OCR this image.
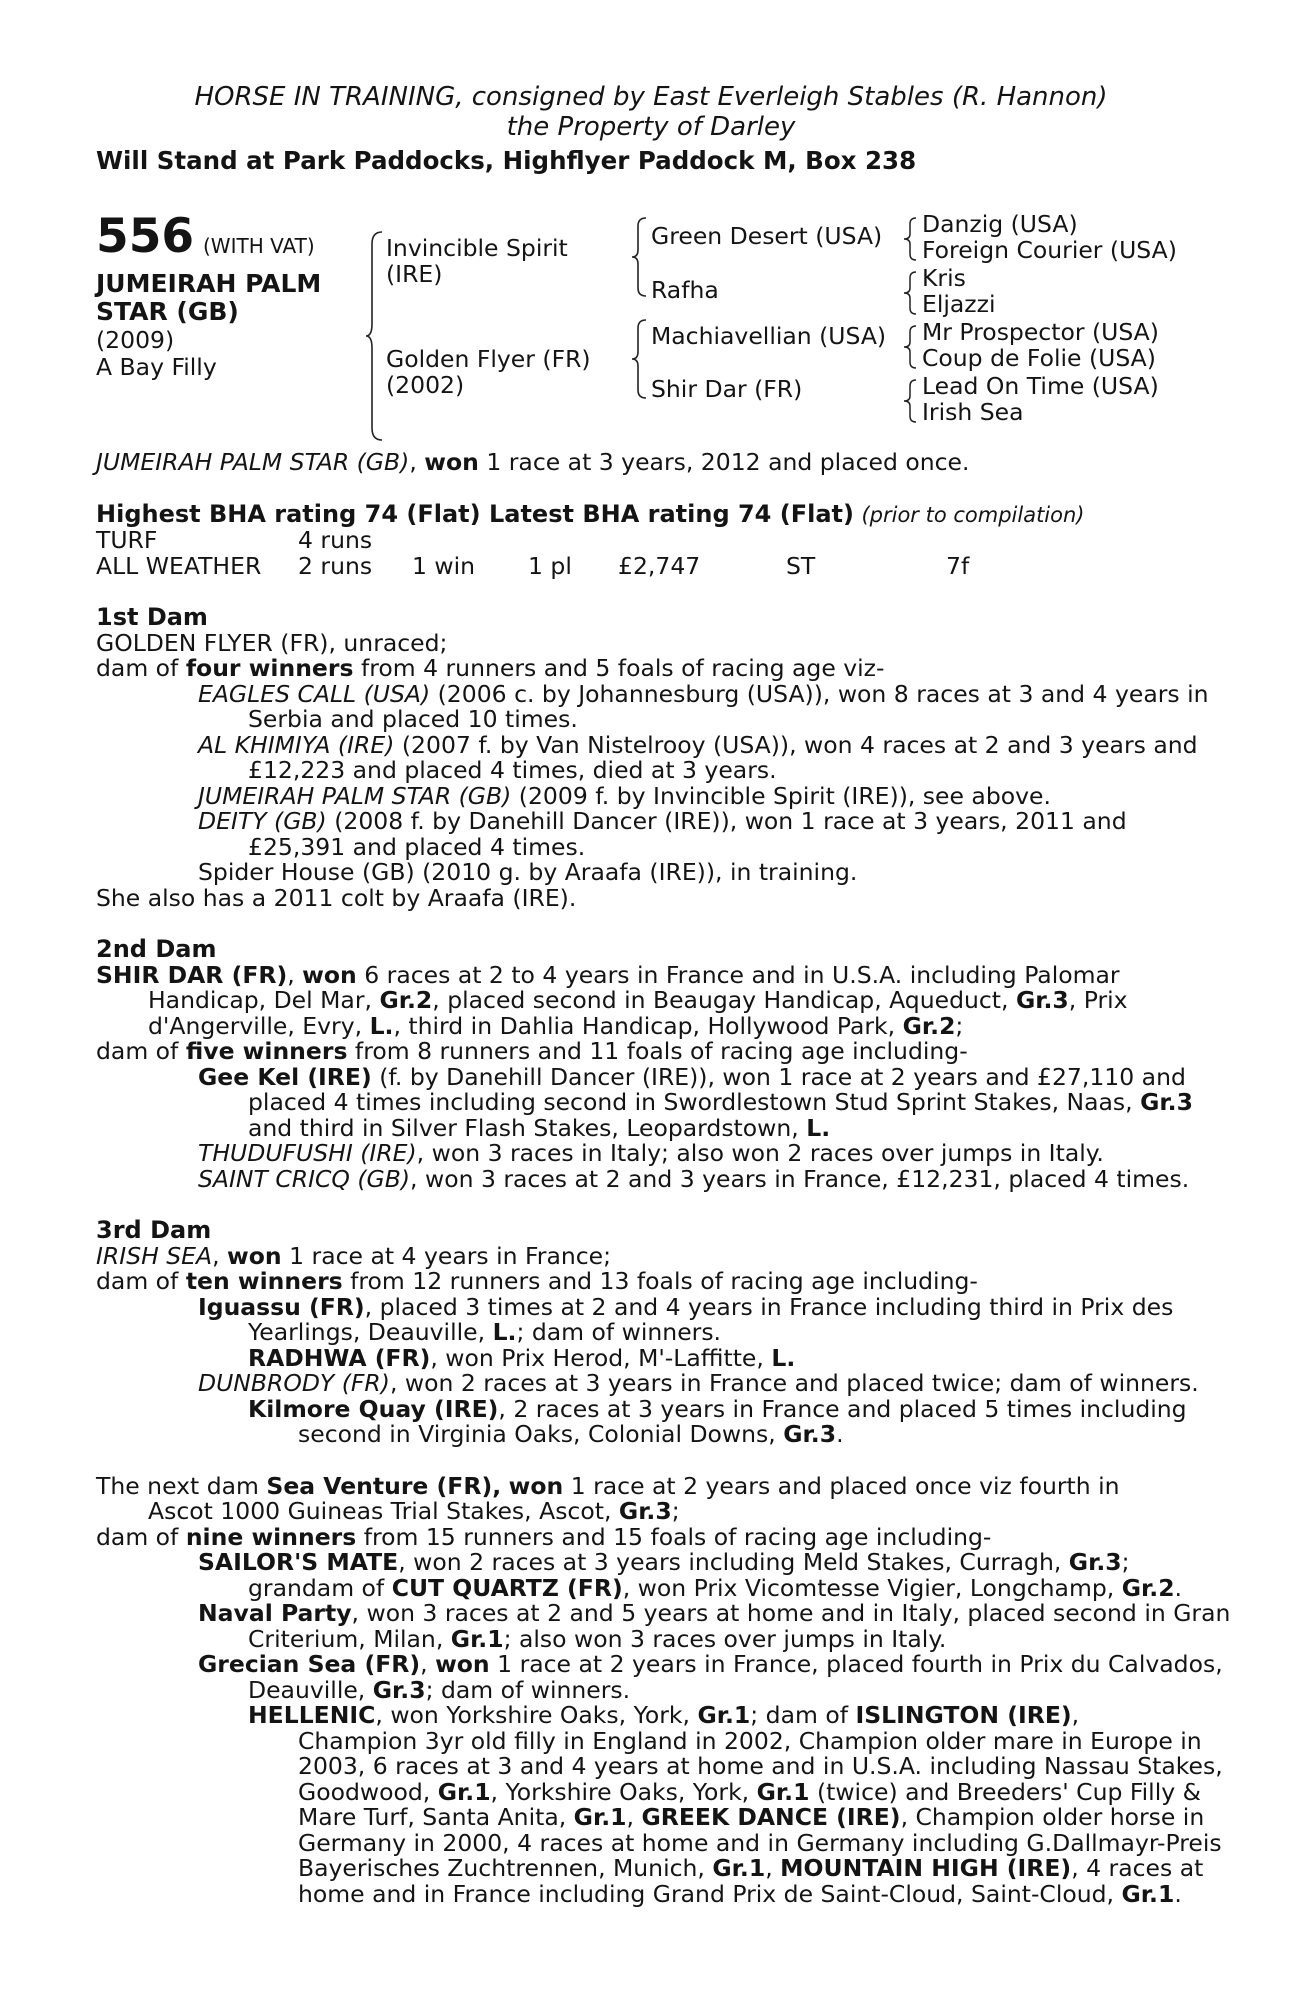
HORSE IN TRAINING, consigned by East Everleigh Stables (R. Hannon)
the Property of Darley
Will Stand at Park Paddocks, Highflyer Paddock M, Box 238
556 (WITH VAT)
JUMEIRAH PALM
STAR (GB)
(2009)
A Bay Filly
Invincible Spirit
(IRE)
Golden Flyer (FR)
(2002)
Green Desert (USA)
Rafha
Machiavellian (USA)
Shir Dar (FR)
Danzig (USA)
Foreign Courier (USA)
Kris
Eljazzi
Mr Prospector (USA)
Coup de Folie (USA)
Lead On Time (USA)
Irish Sea
JUMEIRAH PALM STAR (GB), won 1 race at 3 years, 2012 and placed once.
Highest BHA rating 74 (Flat) Latest BHA rating 74 (Flat) (prior to compilation)
TURF	4 runs
ALL WEATHER 2 runs 1 win 1 pl £2,747	ST	7f
1st Dam
GOLDEN FLYER (FR), unraced;
dam of four winners from 4 runners and 5 foals of racing age viz-
EAGLES CALL (USA) (2006 c. by Johannesburg (USA)), won 8 races at 3 and 4 years in
Serbia and placed 10 times.
AL KHIMIYA (IRE) (2007 f. by Van Nistelrooy (USA)), won 4 races at 2 and 3 years and
£12,223 and placed 4 times, died at 3 years.
JUMEIRAH PALM STAR (GB) (2009 f. by Invincible Spirit (IRE)), see above.
DEITY (GB) (2008 f. by Danehill Dancer (IRE)), won 1 race at 3 years, 2011 and
£25,391 and placed 4 times.
Spider House (GB) (2010 g. by Araafa (IRE)), in training.
She also has a 2011 colt by Araafa (IRE).
2nd Dam
SHIR DAR (FR), won 6 races at 2 to 4 years in France and in U.S.A. including Palomar
Handicap, Del Mar, Gr.2, placed second in Beaugay Handicap, Aqueduct, Gr.3, Prix
d'Angerville, Evry, L., third in Dahlia Handicap, Hollywood Park, Gr.2;
dam of five winners from 8 runners and 11 foals of racing age including-
Gee Kel (IRE) (f. by Danehill Dancer (IRE)), won 1 race at 2 years and £27,110 and
placed 4 times including second in Swordlestown Stud Sprint Stakes, Naas, Gr.3
and third in Silver Flash Stakes, Leopardstown, L.
THUDUFUSHI (IRE), won 3 races in Italy; also won 2 races over jumps in Italy.
SAINT CRICQ (GB), won 3 races at 2 and 3 years in France, £12,231, placed 4 times.
3rd Dam
IRISH SEA, won 1 race at 4 years in France;
dam of ten winners from 12 runners and 13 foals of racing age including-
Iguassu (FR), placed 3 times at 2 and 4 years in France including third in Prix des
Yearlings, Deauville, L.; dam of winners.
RADHWA (FR), won Prix Herod, M'-Laffitte, L.
DUNBRODY (FR), won 2 races at 3 years in France and placed twice; dam of winners.
Kilmore Quay (IRE), 2 races at 3 years in France and placed 5 times including
second in Virginia Oaks, Colonial Downs, Gr.3.
The next dam Sea Venture (FR), won 1 race at 2 years and placed once viz fourth in
Ascot 1000 Guineas Trial Stakes, Ascot, Gr.3;
dam of nine winners from 15 runners and 15 foals of racing age including-
SAILOR'S MATE, won 2 races at 3 years including Meld Stakes, Curragh, Gr.3;
grandam of CUT QUARTZ (FR), won Prix Vicomtesse Vigier, Longchamp, Gr.2.
Naval Party, won 3 races at 2 and 5 years at home and in Italy, placed second in Gran
Criterium, Milan, Gr.1; also won 3 races over jumps in Italy.
Grecian Sea (FR), won 1 race at 2 years in France, placed fourth in Prix du Calvados,
Deauville, Gr.3; dam of winners.
HELLENIC, won Yorkshire Oaks, York, Gr.1; dam of ISLINGTON (IRE),
Champion 3yr old filly in England in 2002, Champion older mare in Europe in
2003, 6 races at 3 and 4 years at home and in U.S.A. including Nassau Stakes,
Goodwood, Gr.1, Yorkshire Oaks, York, Gr.1 (twice) and Breeders' Cup Filly &
Mare Turf, Santa Anita, Gr.1, GREEK DANCE (IRE), Champion older horse in
Germany in 2000, 4 races at home and in Germany including G.Dallmayr-Preis
Bayerisches Zuchtrennen, Munich, Gr.1, MOUNTAIN HIGH (IRE), 4 races at
home and in France including Grand Prix de Saint-Cloud, Saint-Cloud, Gr.1.
